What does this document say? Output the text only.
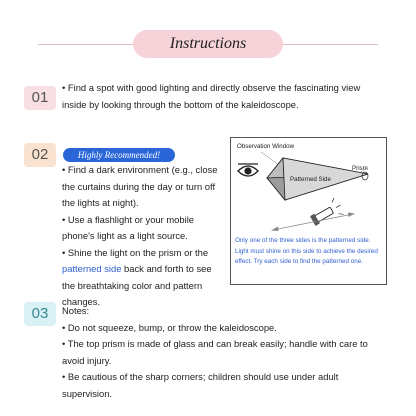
Instructions
01
• Find a spot with good lighting and directly observe the fascinating view inside by looking through the bottom of the kaleidoscope.
02	Highly Recommended!
• Find a dark environment (e.g., close the curtains during the day or turn off the lights at night).
• Use a flashlight or your mobile phone's light as a light source.
• Shine the light on the prism or the patterned side back and forth to see the breathtaking color and pattern changes.
Observation Window
Prism
Patterned Side
Only one of the three sides is the patterned side. Light must shine on this side to achieve the desired effect. Try each side to find the patterned one.
03	Notes:
• Do not squeeze, bump, or throw the kaleidoscope.
• The top prism is made of glass and can break easily; handle with care to avoid injury.
• Be cautious of the sharp corners; children should use under adult supervision.
